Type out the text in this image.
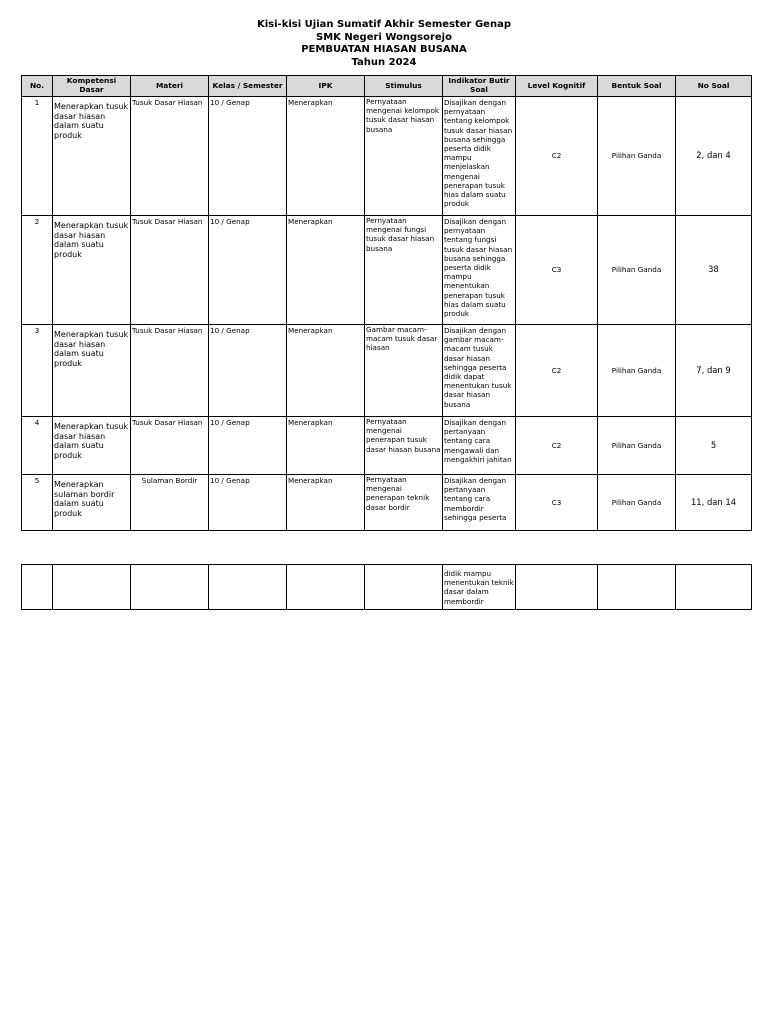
Kisi-kisi Ujian Sumatif Akhir Semester Genap
SMK Negeri Wongsorejo
PEMBUATAN HIASAN BUSANA
Tahun 2024
No.	Kompetensi Dasar	Materi	Kelas / Semester	IPK	Stimulus	Indikator Butir Soal	Level Kognitif	Bentuk Soal	No Soal
1	Menerapkan tusuk dasar hiasan dalam suatu produk	Tusuk Dasar Hiasan	10 / Genap	Menerapkan	Pernyataan mengenai kelompok tusuk dasar hiasan busana	Disajikan dengan pernyataan tentang kelompok tusuk dasar hiasan busana sehingga peserta didik mampu menjelaskan mengenai penerapan tusuk hias dalam suatu produk	C2	Pilihan Ganda	2, dan 4
2	Menerapkan tusuk dasar hiasan dalam suatu produk	Tusuk Dasar Hiasan	10 / Genap	Menerapkan	Pernyataan mengenai fungsi tusuk dasar hiasan busana	Disajikan dengan pernyataan tentang fungsi tusuk dasar hiasan busana sehingga peserta didik mampu menentukan penerapan tusuk hias dalam suatu produk	C3	Pilihan Ganda	38
3	Menerapkan tusuk dasar hiasan dalam suatu produk	Tusuk Dasar Hiasan	10 / Genap	Menerapkan	Gambar macam-macam tusuk dasar hiasan	Disajikan dengan gambar macam-macam tusuk dasar hiasan sehingga peserta didik dapat menentukan tusuk dasar hiasan busana	C2	Pilihan Ganda	7, dan 9
4	Menerapkan tusuk dasar hiasan dalam suatu produk	Tusuk Dasar Hiasan	10 / Genap	Menerapkan	Pernyataan mengenai penerapan tusuk dasar hiasan busana	Disajikan dengan pertanyaan tentang cara mengawali dan mengakhiri jahitan	C2	Pilihan Ganda	5
5	Menerapkan sulaman bordir dalam suatu produk	Sulaman Bordir	10 / Genap	Menerapkan	Pernyataan mengenai penerapan teknik dasar bordir	Disajikan dengan pertanyaan tentang cara membordir sehingga peserta	C3	Pilihan Ganda	11, dan 14
						didik mampu menentukan teknik dasar dalam membordir			
